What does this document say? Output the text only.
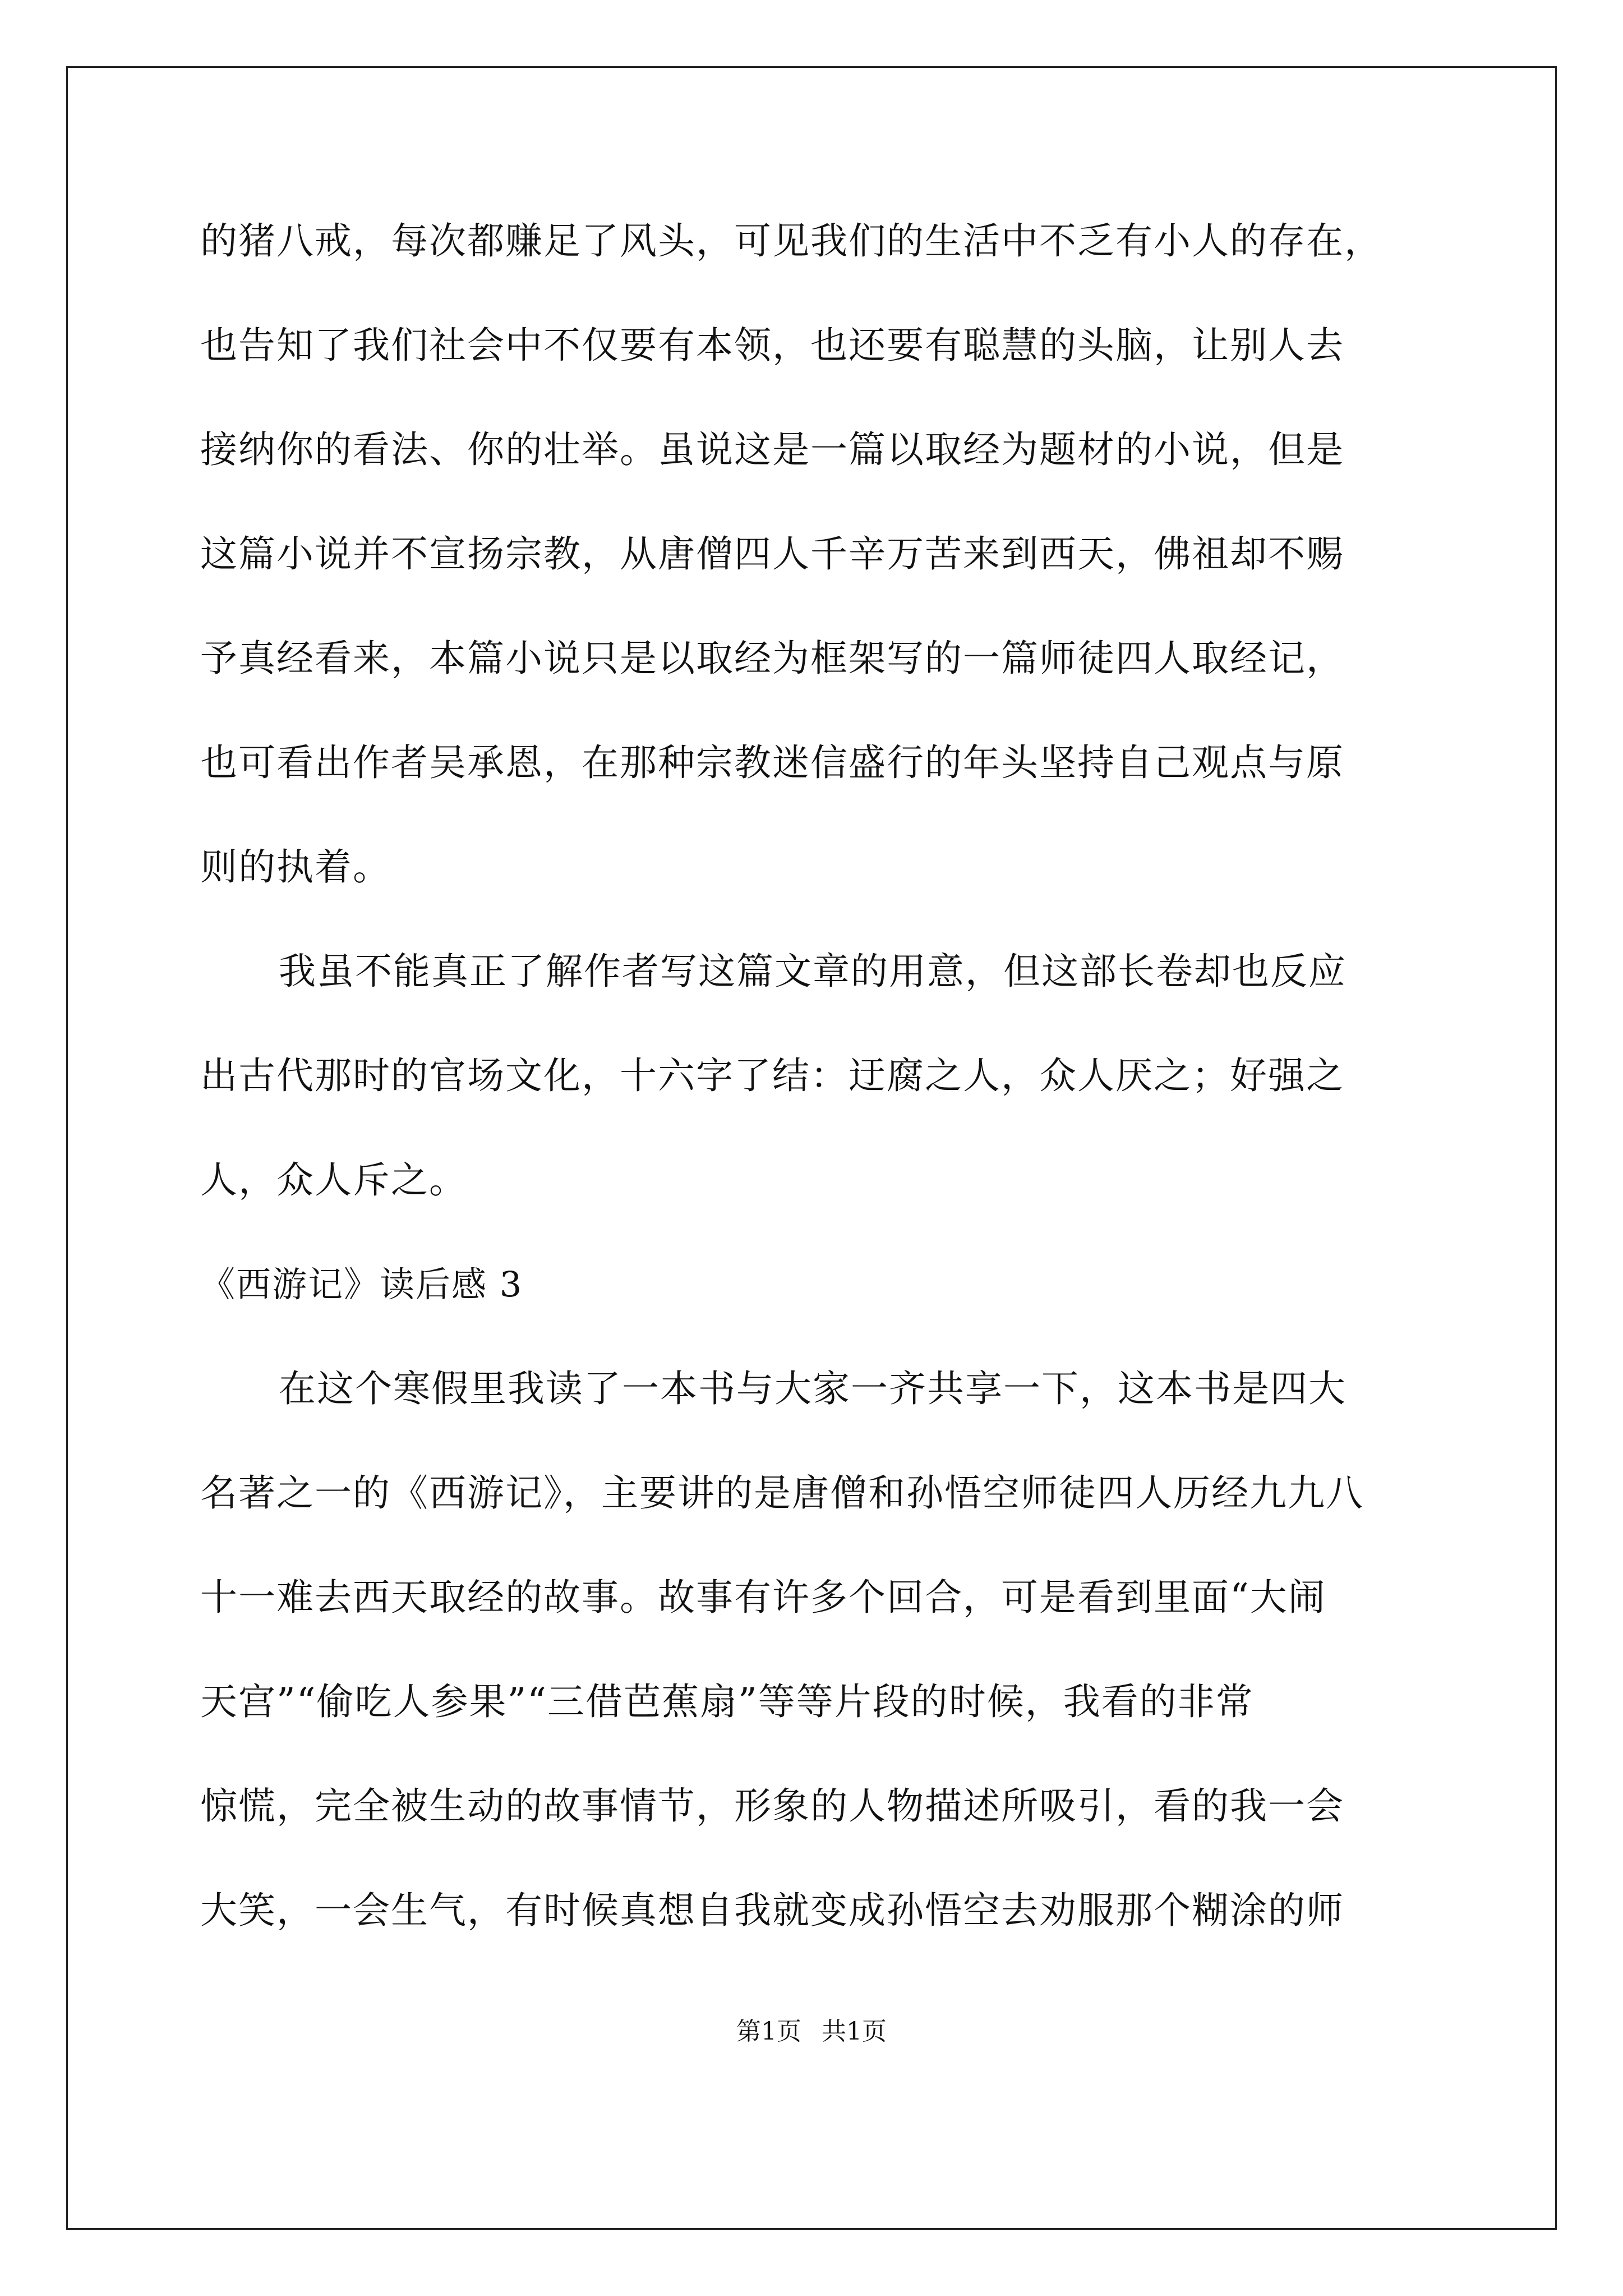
的猪八戒，每次都赚足了风头，可见我们的生活中不乏有小人的存在，
也告知了我们社会中不仅要有本领，也还要有聪慧的头脑，让别人去
接纳你的看法、你的壮举。虽说这是一篇以取经为题材的小说，但是
这篇小说并不宣扬宗教，从唐僧四人千辛万苦来到西天，佛祖却不赐
予真经看来，本篇小说只是以取经为框架写的一篇师徒四人取经记，
也可看出作者吴承恩，在那种宗教迷信盛行的年头坚持自己观点与原
则的执着。
我虽不能真正了解作者写这篇文章的用意，但这部长卷却也反应
出古代那时的官场文化，十六字了结：迂腐之人，众人厌之；好强之
人，众人斥之。
《西游记》读后感 3
在这个寒假里我读了一本书与大家一齐共享一下，这本书是四大
名著之一的《西游记》，主要讲的是唐僧和孙悟空师徒四人历经九九八
十一难去西天取经的故事。故事有许多个回合，可是看到里面“大闹
天宫”“偷吃人参果”“三借芭蕉扇”等等片段的时候，我看的非常
惊慌，完全被生动的故事情节，形象的人物描述所吸引，看的我一会
大笑，一会生气，有时候真想自我就变成孙悟空去劝服那个糊涂的师
第1页 共1页
